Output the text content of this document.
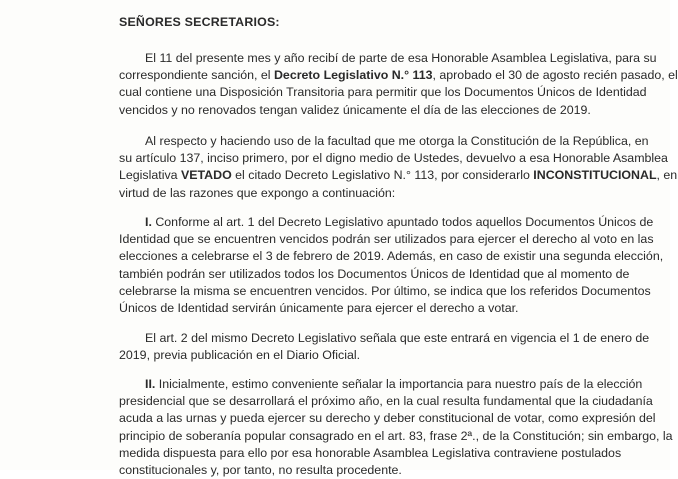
SEÑORES SECRETARIOS:

El 11 del presente mes y año recibí de parte de esa Honorable Asamblea Legislativa, para su
correspondiente sanción, el Decreto Legislativo N.° 113, aprobado el 30 de agosto recién pasado, el
cual contiene una Disposición Transitoria para permitir que los Documentos Únicos de Identidad
vencidos y no renovados tengan validez únicamente el día de las elecciones de 2019.

Al respecto y haciendo uso de la facultad que me otorga la Constitución de la República, en
su artículo 137, inciso primero, por el digno medio de Ustedes, devuelvo a esa Honorable Asamblea
Legislativa VETADO el citado Decreto Legislativo N.° 113, por considerarlo INCONSTITUCIONAL, en
virtud de las razones que expongo a continuación:

I. Conforme al art. 1 del Decreto Legislativo apuntado todos aquellos Documentos Únicos de
Identidad que se encuentren vencidos podrán ser utilizados para ejercer el derecho al voto en las
elecciones a celebrarse el 3 de febrero de 2019. Además, en caso de existir una segunda elección,
también podrán ser utilizados todos los Documentos Únicos de Identidad que al momento de
celebrarse la misma se encuentren vencidos. Por último, se indica que los referidos Documentos
Únicos de Identidad servirán únicamente para ejercer el derecho a votar.

El art. 2 del mismo Decreto Legislativo señala que este entrará en vigencia el 1 de enero de
2019, previa publicación en el Diario Oficial.

II. Inicialmente, estimo conveniente señalar la importancia para nuestro país de la elección
presidencial que se desarrollará el próximo año, en la cual resulta fundamental que la ciudadanía
acuda a las urnas y pueda ejercer su derecho y deber constitucional de votar, como expresión del
principio de soberanía popular consagrado en el art. 83, frase 2ª., de la Constitución; sin embargo, la
medida dispuesta para ello por esa honorable Asamblea Legislativa contraviene postulados
constitucionales y, por tanto, no resulta procedente.
